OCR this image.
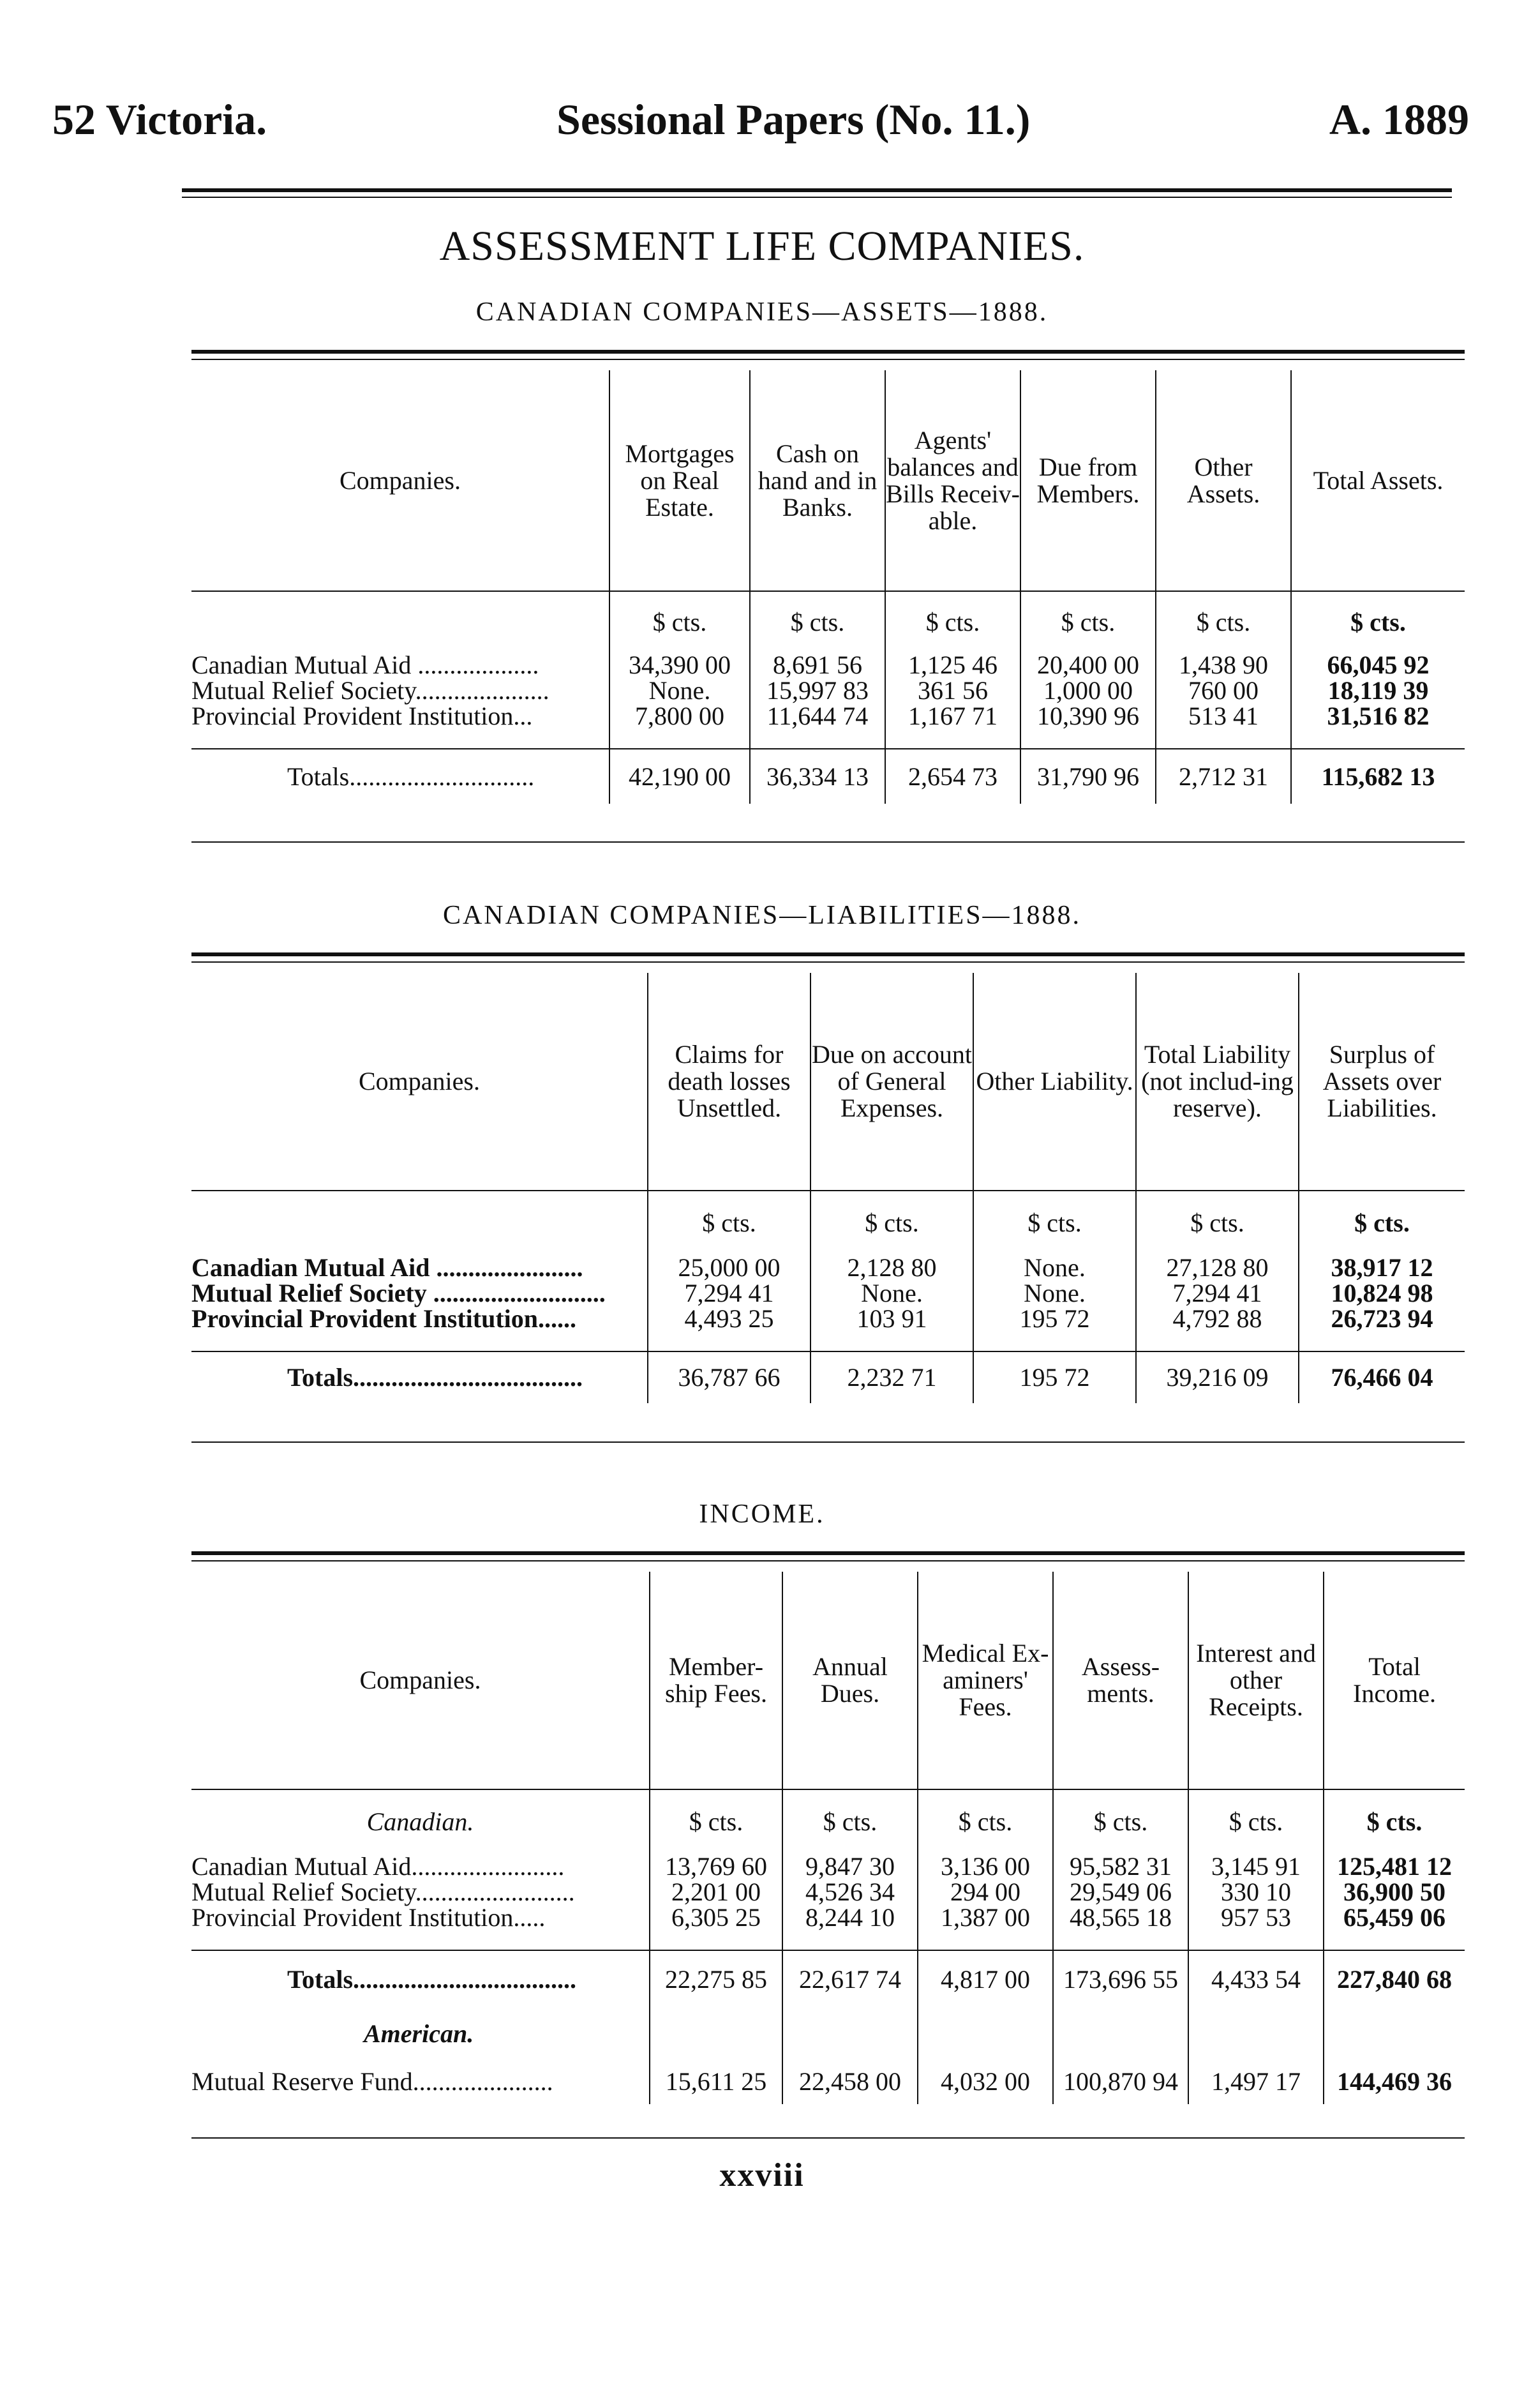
52 Victoria.	Sessional Papers (No. 11.)	A. 1889
ASSESSMENT LIFE COMPANIES.
CANADIAN COMPANIES—ASSETS—1888.
Companies.	Mortgages on Real Estate.	Cash on hand and in Banks.	Agents' balances and Bills Receiv-able.	Due from Members.	Other Assets.	Total Assets.
	$ cts.	$ cts.	$ cts.	$ cts.	$ cts.	$ cts.
Canadian Mutual Aid ...................	34,390 00	8,691 56	1,125 46	20,400 00	1,438 90	66,045 92
Mutual Relief Society.....................	None.	15,997 83	361 56	1,000 00	760 00	18,119 39
Provincial Provident Institution...	7,800 00	11,644 74	1,167 71	10,390 96	513 41	31,516 82
Totals.............................	42,190 00	36,334 13	2,654 73	31,790 96	2,712 31	115,682 13
CANADIAN COMPANIES—LIABILITIES—1888.
Companies.	Claims for death losses Unsettled.	Due on account of General Expenses.	Other Liability.	Total Liability (not includ-ing reserve).	Surplus of Assets over Liabilities.
	$ cts.	$ cts.	$ cts.	$ cts.	$ cts.
Canadian Mutual Aid .......................	25,000 00	2,128 80	None.	27,128 80	38,917 12
Mutual Relief Society ...........................	7,294 41	None.	None.	7,294 41	10,824 98
Provincial Provident Institution......	4,493 25	103 91	195 72	4,792 88	26,723 94
Totals....................................	36,787 66	2,232 71	195 72	39,216 09	76,466 04
INCOME.
Companies.	Member-ship Fees.	Annual Dues.	Medical Ex-aminers' Fees.	Assess-ments.	Interest and other Receipts.	Total Income.
Canadian.	$ cts.	$ cts.	$ cts.	$ cts.	$ cts.	$ cts.
Canadian Mutual Aid........................	13,769 60	9,847 30	3,136 00	95,582 31	3,145 91	125,481 12
Mutual Relief Society.........................	2,201 00	4,526 34	294 00	29,549 06	330 10	36,900 50
Provincial Provident Institution.....	6,305 25	8,244 10	1,387 00	48,565 18	957 53	65,459 06
Totals...................................	22,275 85	22,617 74	4,817 00	173,696 55	4,433 54	227,840 68
American.						
Mutual Reserve Fund......................	15,611 25	22,458 00	4,032 00	100,870 94	1,497 17	144,469 36
xxviii
